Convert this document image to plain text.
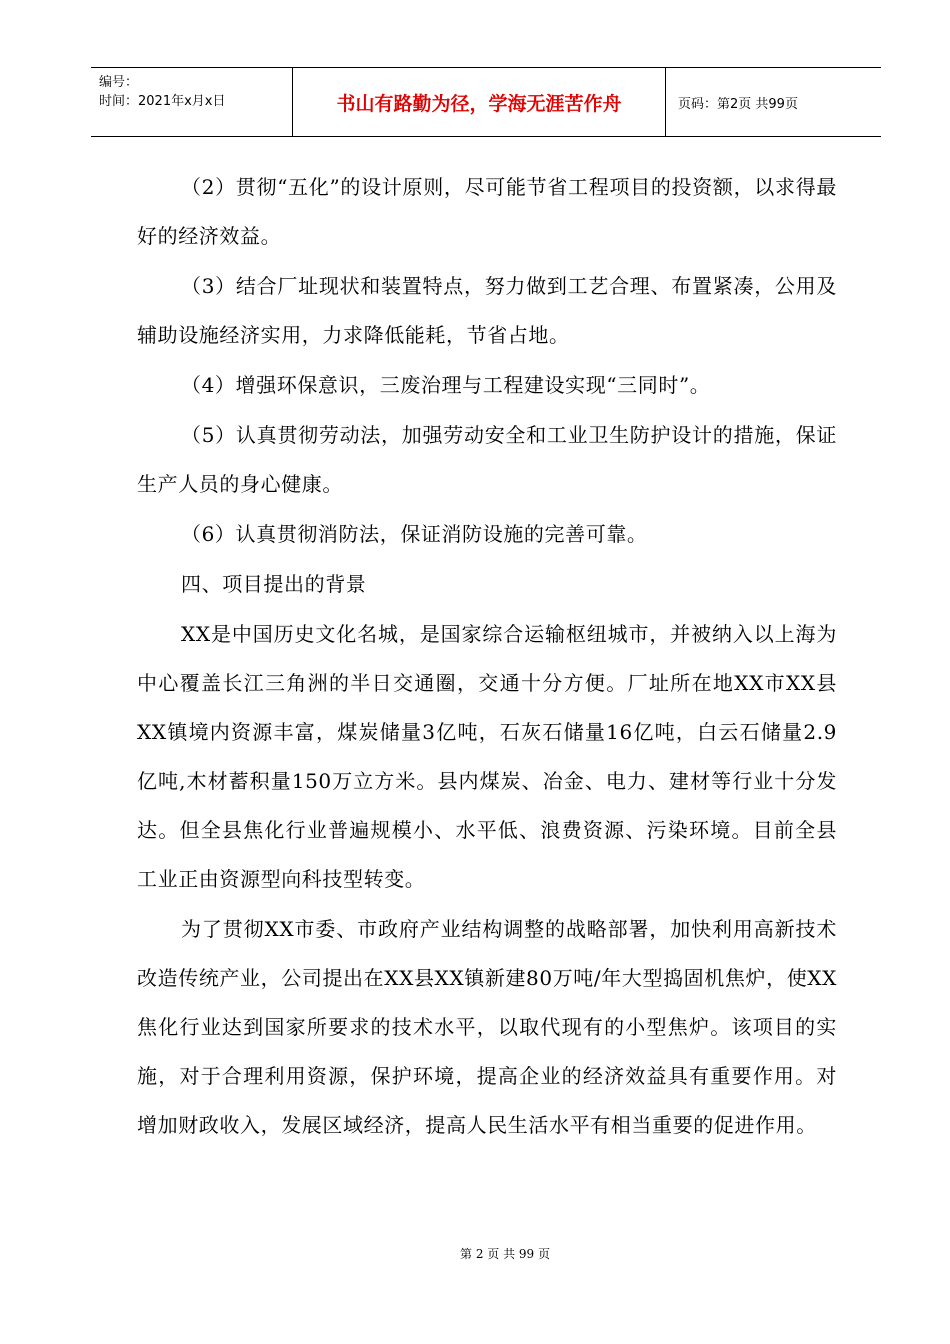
编号：
时间：2021年x月x日	书山有路勤为径，学海无涯苦作舟	页码：第2页 共99页

（2）贯彻“五化”的设计原则，尽可能节省工程项目的投资额，以求得最好的经济效益。

（3）结合厂址现状和装置特点，努力做到工艺合理、布置紧凑，公用及辅助设施经济实用，力求降低能耗，节省占地。

（4）增强环保意识，三废治理与工程建设实现“三同时”。

（5）认真贯彻劳动法，加强劳动安全和工业卫生防护设计的措施，保证生产人员的身心健康。

（6）认真贯彻消防法，保证消防设施的完善可靠。

四、项目提出的背景

XX是中国历史文化名城，是国家综合运输枢纽城市，并被纳入以上海为中心覆盖长江三角洲的半日交通圈，交通十分方便。厂址所在地XX市XX县XX镇境内资源丰富，煤炭储量3亿吨，石灰石储量16亿吨，白云石储量2.9亿吨,木材蓄积量150万立方米。县内煤炭、冶金、电力、建材等行业十分发达。但全县焦化行业普遍规模小、水平低、浪费资源、污染环境。目前全县工业正由资源型向科技型转变。

为了贯彻XX市委、市政府产业结构调整的战略部署，加快利用高新技术改造传统产业，公司提出在XX县XX镇新建80万吨/年大型捣固机焦炉，使XX焦化行业达到国家所要求的技术水平，以取代现有的小型焦炉。该项目的实施，对于合理利用资源，保护环境，提高企业的经济效益具有重要作用。对增加财政收入，发展区域经济，提高人民生活水平有相当重要的促进作用。

第 2 页 共 99 页
